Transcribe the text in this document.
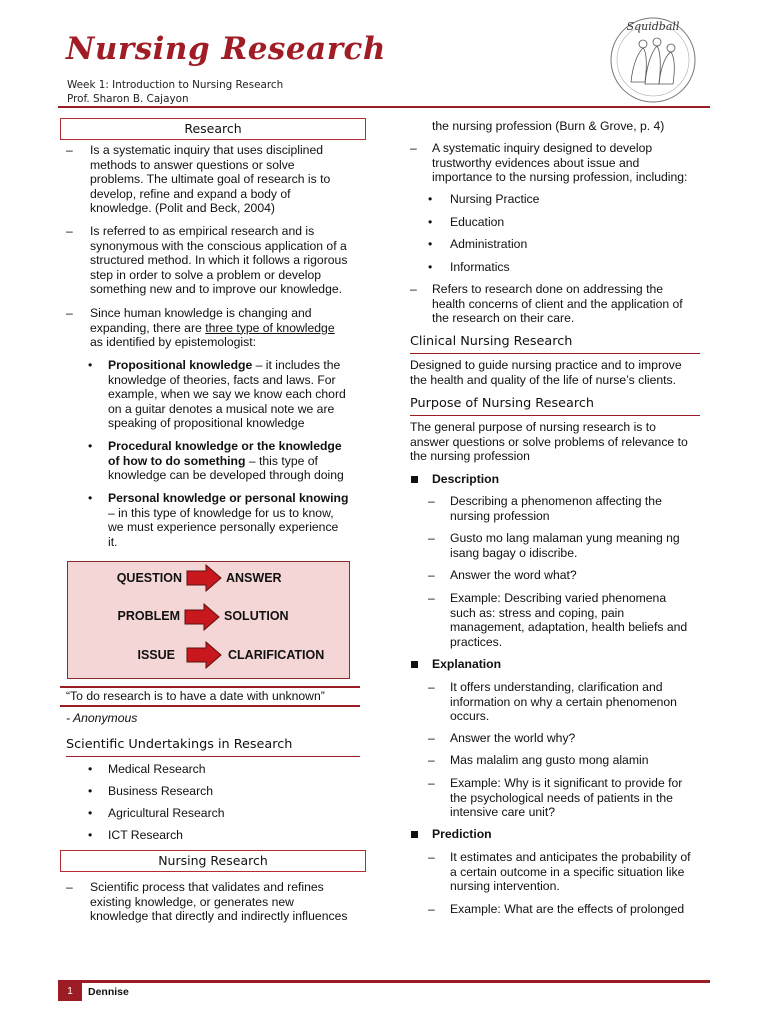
Nursing Research
Week 1: Introduction to Nursing Research
Prof. Sharon B. Cajayon
Squidball
Research
–	Is a systematic inquiry that uses disciplined
methods to answer questions or solve
problems. The ultimate goal of research is to
develop, refine and expand a body of
knowledge. (Polit and Beck, 2004)
–	Is referred to as empirical research and is
synonymous with the conscious application of a
structured method. In which it follows a rigorous
step in order to solve a problem or develop
something new and to improve our knowledge.
–	Since human knowledge is changing and
expanding, there are three type of knowledge
as identified by epistemologist:
• Propositional knowledge – it includes the
knowledge of theories, facts and laws. For
example, when we say we know each chord
on a guitar denotes a musical note we are
speaking of propositional knowledge
• Procedural knowledge or the knowledge
of how to do something – this type of
knowledge can be developed through doing
• Personal knowledge or personal knowing
– in this type of knowledge for us to know,
we must experience personally experience
it.
QUESTION	ANSWER
PROBLEM	SOLUTION
ISSUE	CLARIFICATION
“To do research is to have a date with unknown”
- Anonymous
Scientific Undertakings in Research
• Medical Research
• Business Research
• Agricultural Research
• ICT Research
Nursing Research
–	Scientific process that validates and refines
existing knowledge, or generates new
knowledge that directly and indirectly influences
the nursing profession (Burn & Grove, p. 4)
–	A systematic inquiry designed to develop
trustworthy evidences about issue and
importance to the nursing profession, including:
• Nursing Practice
• Education
• Administration
• Informatics
–	Refers to research done on addressing the
health concerns of client and the application of
the research on their care.
Clinical Nursing Research
Designed to guide nursing practice and to improve
the health and quality of the life of nurse’s clients.
Purpose of Nursing Research
The general purpose of nursing research is to
answer questions or solve problems of relevance to
the nursing profession
Description
–	Describing a phenomenon affecting the
nursing profession
–	Gusto mo lang malaman yung meaning ng
isang bagay o idiscribe.
–	Answer the word what?
–	Example: Describing varied phenomena
such as: stress and coping, pain
management, adaptation, health beliefs and
practices.
Explanation
–	It offers understanding, clarification and
information on why a certain phenomenon
occurs.
–	Answer the world why?
–	Mas malalim ang gusto mong alamin
–	Example: Why is it significant to provide for
the psychological needs of patients in the
intensive care unit?
Prediction
–	It estimates and anticipates the probability of
a certain outcome in a specific situation like
nursing intervention.
–	Example: What are the effects of prolonged
1	Dennise
